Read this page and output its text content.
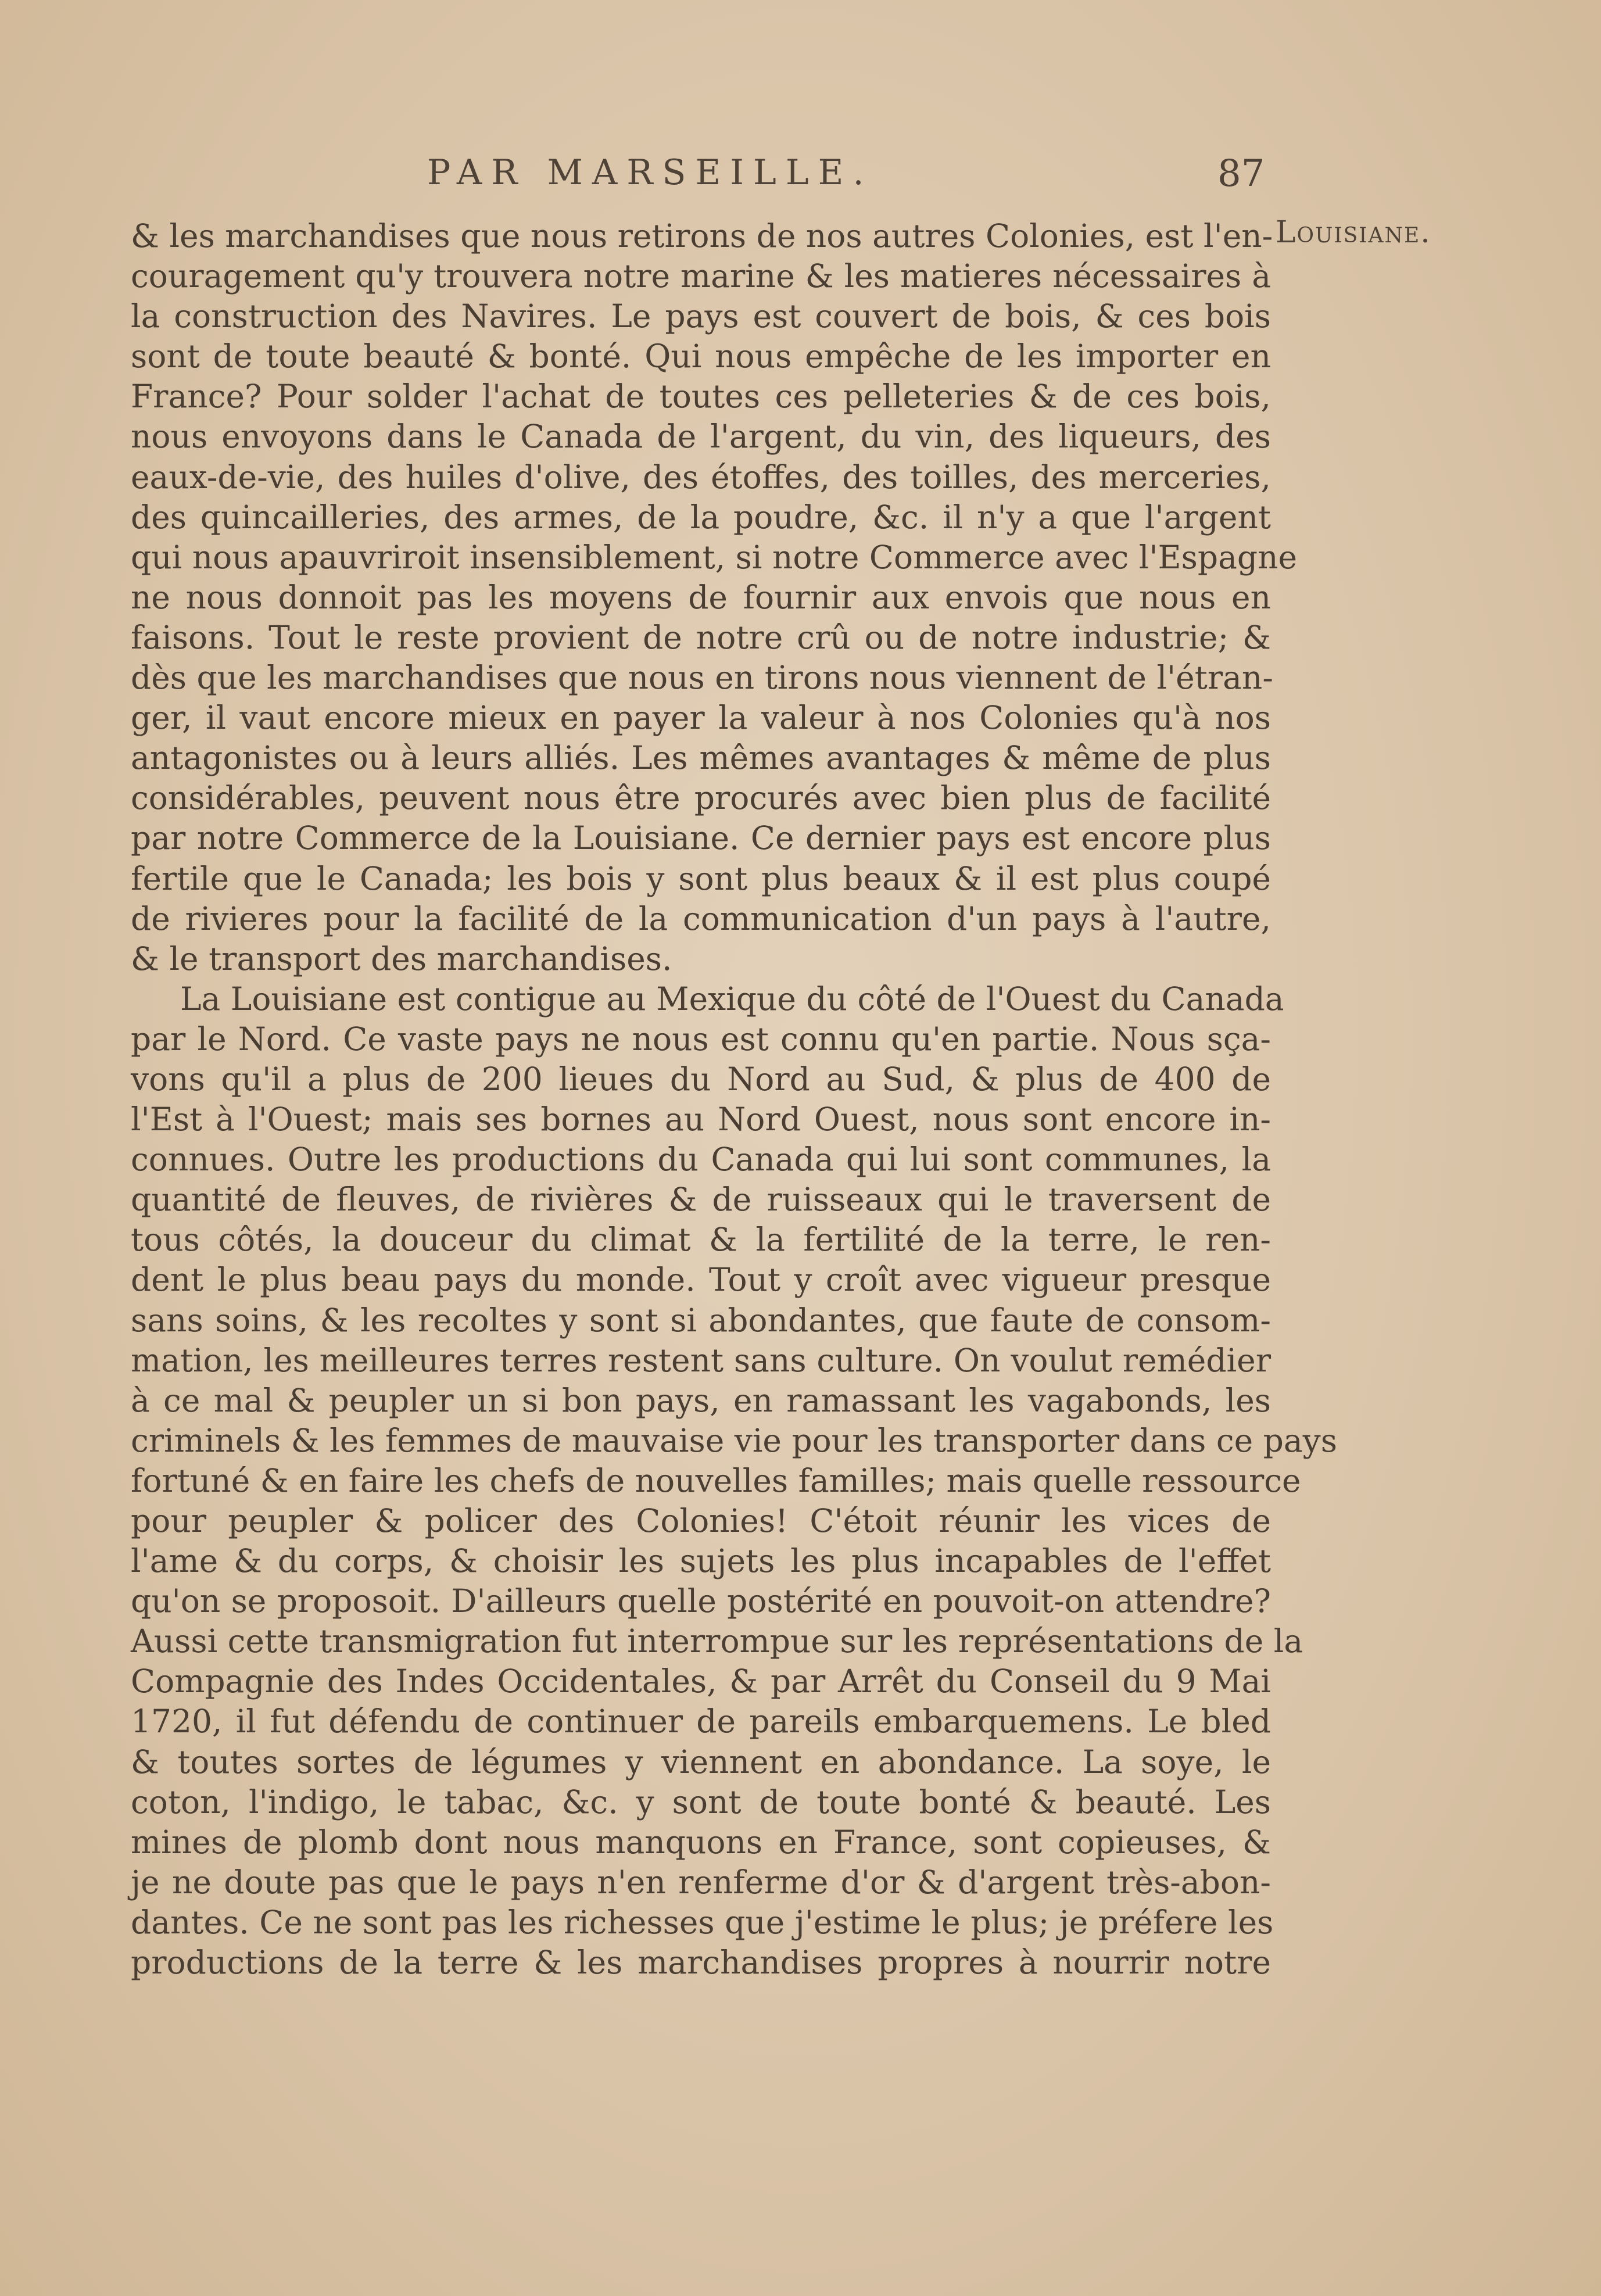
PAR MARSEILLE.	87
Louisiane.
& les marchandises que nous retirons de nos autres Colonies, est l'en-
couragement qu'y trouvera notre marine & les matieres nécessaires à
la construction des Navires. Le pays est couvert de bois, & ces bois
sont de toute beauté & bonté. Qui nous empêche de les importer en
France? Pour solder l'achat de toutes ces pelleteries & de ces bois,
nous envoyons dans le Canada de l'argent, du vin, des liqueurs, des
eaux-de-vie, des huiles d'olive, des étoffes, des toilles, des merceries,
des quincailleries, des armes, de la poudre, &c. il n'y a que l'argent
qui nous apauvriroit insensiblement, si notre Commerce avec l'Espagne
ne nous donnoit pas les moyens de fournir aux envois que nous en
faisons. Tout le reste provient de notre crû ou de notre industrie; &
dès que les marchandises que nous en tirons nous viennent de l'étran-
ger, il vaut encore mieux en payer la valeur à nos Colonies qu'à nos
antagonistes ou à leurs alliés. Les mêmes avantages & même de plus
considérables, peuvent nous être procurés avec bien plus de facilité
par notre Commerce de la Louisiane. Ce dernier pays est encore plus
fertile que le Canada; les bois y sont plus beaux & il est plus coupé
de rivieres pour la facilité de la communication d'un pays à l'autre,
& le transport des marchandises.
La Louisiane est contigue au Mexique du côté de l'Ouest du Canada
par le Nord. Ce vaste pays ne nous est connu qu'en partie. Nous sça-
vons qu'il a plus de 200 lieues du Nord au Sud, & plus de 400 de
l'Est à l'Ouest; mais ses bornes au Nord Ouest, nous sont encore in-
connues. Outre les productions du Canada qui lui sont communes, la
quantité de fleuves, de rivières & de ruisseaux qui le traversent de
tous côtés, la douceur du climat & la fertilité de la terre, le ren-
dent le plus beau pays du monde. Tout y croît avec vigueur presque
sans soins, & les recoltes y sont si abondantes, que faute de consom-
mation, les meilleures terres restent sans culture. On voulut remédier
à ce mal & peupler un si bon pays, en ramassant les vagabonds, les
criminels & les femmes de mauvaise vie pour les transporter dans ce pays
fortuné & en faire les chefs de nouvelles familles; mais quelle ressource
pour peupler & policer des Colonies! C'étoit réunir les vices de
l'ame & du corps, & choisir les sujets les plus incapables de l'effet
qu'on se proposoit. D'ailleurs quelle postérité en pouvoit-on attendre?
Aussi cette transmigration fut interrompue sur les représentations de la
Compagnie des Indes Occidentales, & par Arrêt du Conseil du 9 Mai
1720, il fut défendu de continuer de pareils embarquemens. Le bled
& toutes sortes de légumes y viennent en abondance. La soye, le
coton, l'indigo, le tabac, &c. y sont de toute bonté & beauté. Les
mines de plomb dont nous manquons en France, sont copieuses, &
je ne doute pas que le pays n'en renferme d'or & d'argent très-abon-
dantes. Ce ne sont pas les richesses que j'estime le plus; je préfere les
productions de la terre & les marchandises propres à nourrir notre
